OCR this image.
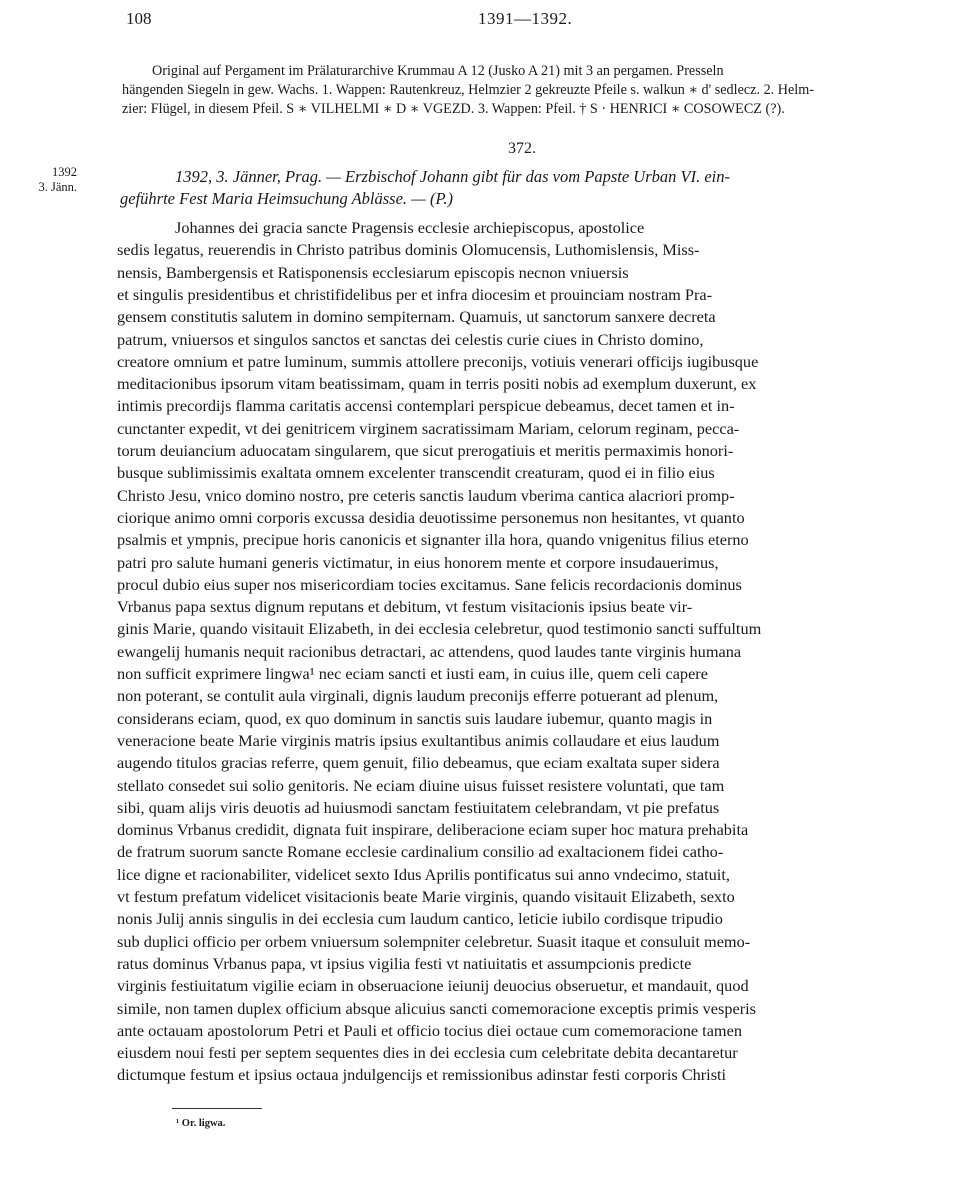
108	1391—1392.
Original auf Pergament im Prälaturarchive Krummau A 12 (Jusko A 21) mit 3 an pergamen. Presseln
hängenden Siegeln in gew. Wachs. 1. Wappen: Rautenkreuz, Helmzier 2 gekreuzte Pfeile s. walkun ∗ d' sedlecz. 2. Helm-
zier: Flügel, in diesem Pfeil. S ∗ VILHELMI ∗ D ∗ VGEZD. 3. Wappen: Pfeil. † S · HENRICI ∗ COSOWECZ (?).
372.
1392
3. Jänn.
1392, 3. Jänner, Prag. — Erzbischof Johann gibt für das vom Papste Urban VI. ein-
geführte Fest Maria Heimsuchung Ablässe. — (P.)
Johannes dei gracia sancte Pragensis ecclesie archiepiscopus, apostolice
sedis legatus, reuerendis in Christo patribus dominis Olomucensis, Luthomislensis, Miss-
nensis, Bambergensis et Ratisponensis ecclesiarum episcopis necnon vniuersis
et singulis presidentibus et christifidelibus per et infra diocesim et prouinciam nostram Pra-
gensem constitutis salutem in domino sempiternam. Quamuis, ut sanctorum sanxere decreta
patrum, vniuersos et singulos sanctos et sanctas dei celestis curie ciues in Christo domino,
creatore omnium et patre luminum, summis attollere preconijs, votiuis venerari officijs iugibusque
meditacionibus ipsorum vitam beatissimam, quam in terris positi nobis ad exemplum duxerunt, ex
intimis precordijs flamma caritatis accensi contemplari perspicue debeamus, decet tamen et in-
cunctanter expedit, vt dei genitricem virginem sacratissimam Mariam, celorum reginam, pecca-
torum deuiancium aduocatam singularem, que sicut prerogatiuis et meritis permaximis honori-
busque sublimissimis exaltata omnem excelenter transcendit creaturam, quod ei in filio eius
Christo Jesu, vnico domino nostro, pre ceteris sanctis laudum vberima cantica alacriori promp-
ciorique animo omni corporis excussa desidia deuotissime personemus non hesitantes, vt quanto
psalmis et ympnis, precipue horis canonicis et signanter illa hora, quando vnigenitus filius eterno
patri pro salute humani generis victimatur, in eius honorem mente et corpore insudauerimus,
procul dubio eius super nos misericordiam tocies excitamus. Sane felicis recordacionis dominus
Vrbanus papa sextus dignum reputans et debitum, vt festum visitacionis ipsius beate vir-
ginis Marie, quando visitauit Elizabeth, in dei ecclesia celebretur, quod testimonio sancti suffultum
ewangelij humanis nequit racionibus detractari, ac attendens, quod laudes tante virginis humana
non sufficit exprimere lingwa¹ nec eciam sancti et iusti eam, in cuius ille, quem celi capere
non poterant, se contulit aula virginali, dignis laudum preconijs efferre potuerant ad plenum,
considerans eciam, quod, ex quo dominum in sanctis suis laudare iubemur, quanto magis in
veneracione beate Marie virginis matris ipsius exultantibus animis collaudare et eius laudum
augendo titulos gracias referre, quem genuit, filio debeamus, que eciam exaltata super sidera
stellato consedet sui solio genitoris. Ne eciam diuine uisus fuisset resistere voluntati, que tam
sibi, quam alijs viris deuotis ad huiusmodi sanctam festiuitatem celebrandam, vt pie prefatus
dominus Vrbanus credidit, dignata fuit inspirare, deliberacione eciam super hoc matura prehabita
de fratrum suorum sancte Romane ecclesie cardinalium consilio ad exaltacionem fidei catho-
lice digne et racionabiliter, videlicet sexto Idus Aprilis pontificatus sui anno vndecimo, statuit,
vt festum prefatum videlicet visitacionis beate Marie virginis, quando visitauit Elizabeth, sexto
nonis Julij annis singulis in dei ecclesia cum laudum cantico, leticie iubilo cordisque tripudio
sub duplici officio per orbem vniuersum solempniter celebretur. Suasit itaque et consuluit memo-
ratus dominus Vrbanus papa, vt ipsius vigilia festi vt natiuitatis et assumpcionis predicte
virginis festiuitatum vigilie eciam in obseruacione ieiunij deuocius obseruetur, et mandauit, quod
simile, non tamen duplex officium absque alicuius sancti comemoracione exceptis primis vesperis
ante octauam apostolorum Petri et Pauli et officio tocius diei octaue cum comemoracione tamen
eiusdem noui festi per septem sequentes dies in dei ecclesia cum celebritate debita decantaretur
dictumque festum et ipsius octaua jndulgencijs et remissionibus adinstar festi corporis Christi
¹ Or. ligwa.
